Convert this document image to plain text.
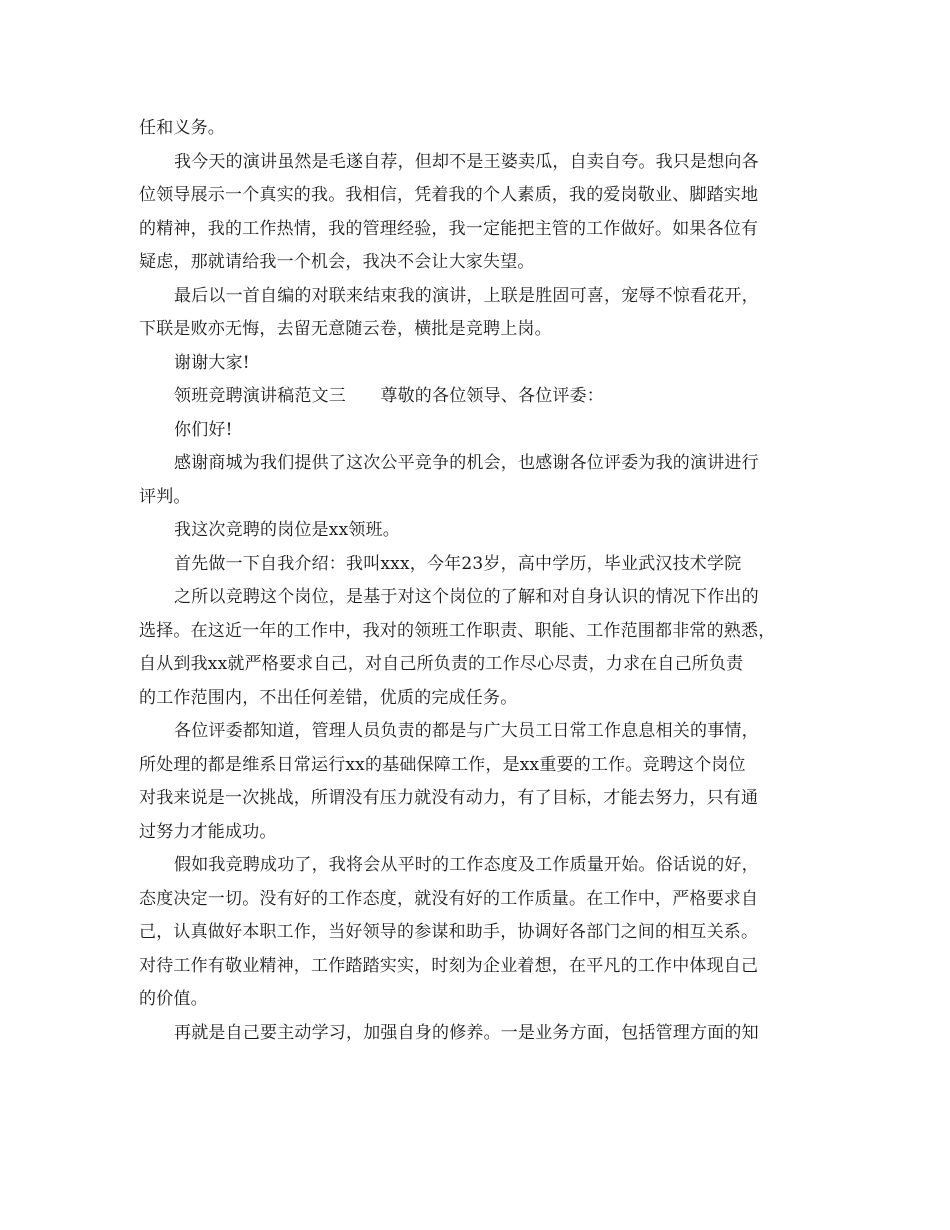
任和义务。
我今天的演讲虽然是毛遂自荐，但却不是王婆卖瓜，自卖自夸。我只是想向各
位领导展示一个真实的我。我相信，凭着我的个人素质，我的爱岗敬业、脚踏实地
的精神，我的工作热情，我的管理经验，我一定能把主管的工作做好。如果各位有
疑虑，那就请给我一个机会，我决不会让大家失望。
最后以一首自编的对联来结束我的演讲，上联是胜固可喜，宠辱不惊看花开，
下联是败亦无悔，去留无意随云卷，横批是竞聘上岗。
谢谢大家!
领班竞聘演讲稿范文三　　尊敬的各位领导、各位评委：
你们好!
感谢商城为我们提供了这次公平竞争的机会，也感谢各位评委为我的演讲进行
评判。
我这次竞聘的岗位是xx领班。
首先做一下自我介绍：我叫xxx，今年23岁，高中学历，毕业武汉技术学院
之所以竞聘这个岗位，是基于对这个岗位的了解和对自身认识的情况下作出的
选择。在这近一年的工作中，我对的领班工作职责、职能、工作范围都非常的熟悉，
自从到我xx就严格要求自己，对自己所负责的工作尽心尽责，力求在自己所负责
的工作范围内，不出任何差错，优质的完成任务。
各位评委都知道，管理人员负责的都是与广大员工日常工作息息相关的事情，
所处理的都是维系日常运行xx的基础保障工作，是xx重要的工作。竞聘这个岗位
对我来说是一次挑战，所谓没有压力就没有动力，有了目标，才能去努力，只有通
过努力才能成功。
假如我竞聘成功了，我将会从平时的工作态度及工作质量开始。俗话说的好，
态度决定一切。没有好的工作态度，就没有好的工作质量。在工作中，严格要求自
己，认真做好本职工作，当好领导的参谋和助手，协调好各部门之间的相互关系。
对待工作有敬业精神，工作踏踏实实，时刻为企业着想，在平凡的工作中体现自己
的价值。
再就是自己要主动学习，加强自身的修养。一是业务方面，包括管理方面的知
